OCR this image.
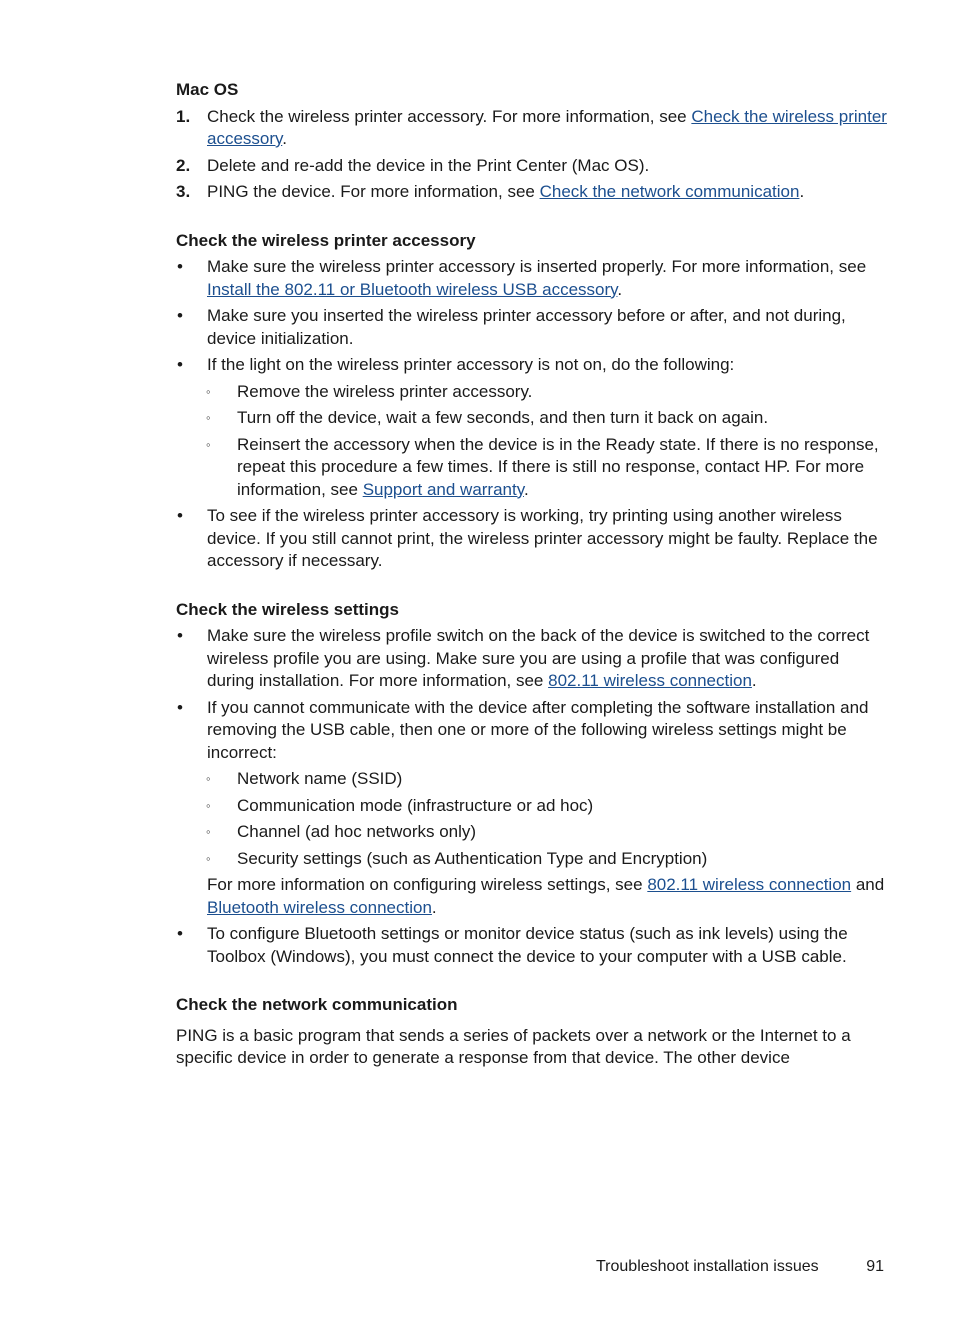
Mac OS
1. Check the wireless printer accessory. For more information, see Check the wireless printer accessory.
2. Delete and re-add the device in the Print Center (Mac OS).
3. PING the device. For more information, see Check the network communication.
Check the wireless printer accessory
• Make sure the wireless printer accessory is inserted properly. For more information, see Install the 802.11 or Bluetooth wireless USB accessory.
• Make sure you inserted the wireless printer accessory before or after, and not during, device initialization.
• If the light on the wireless printer accessory is not on, do the following:
◦ Remove the wireless printer accessory.
◦ Turn off the device, wait a few seconds, and then turn it back on again.
◦ Reinsert the accessory when the device is in the Ready state. If there is no response, repeat this procedure a few times. If there is still no response, contact HP. For more information, see Support and warranty.
• To see if the wireless printer accessory is working, try printing using another wireless device. If you still cannot print, the wireless printer accessory might be faulty. Replace the accessory if necessary.
Check the wireless settings
• Make sure the wireless profile switch on the back of the device is switched to the correct wireless profile you are using. Make sure you are using a profile that was configured during installation. For more information, see 802.11 wireless connection.
• If you cannot communicate with the device after completing the software installation and removing the USB cable, then one or more of the following wireless settings might be incorrect:
◦ Network name (SSID)
◦ Communication mode (infrastructure or ad hoc)
◦ Channel (ad hoc networks only)
◦ Security settings (such as Authentication Type and Encryption)
For more information on configuring wireless settings, see 802.11 wireless connection and Bluetooth wireless connection.
• To configure Bluetooth settings or monitor device status (such as ink levels) using the Toolbox (Windows), you must connect the device to your computer with a USB cable.
Check the network communication

PING is a basic program that sends a series of packets over a network or the Internet to a specific device in order to generate a response from that device. The other device

Troubleshoot installation issues	91
